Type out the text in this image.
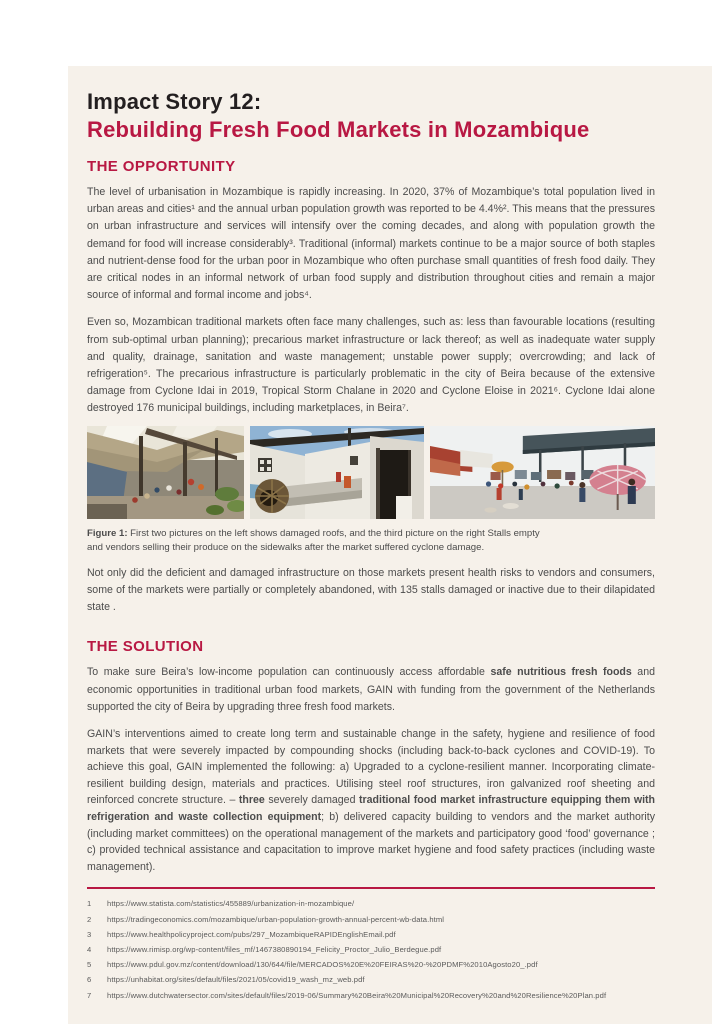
Impact Story 12:
Rebuilding Fresh Food Markets in Mozambique
THE OPPORTUNITY

The level of urbanisation in Mozambique is rapidly increasing. In 2020, 37% of Mozambique’s total population lived in urban areas and cities¹ and the annual urban population growth was reported to be 4.4%². This means that the pressures on urban infrastructure and services will intensify over the coming decades, and along with population growth the demand for food will increase considerably³. Traditional (informal) markets continue to be a major source of both staples and nutrient-dense food for the urban poor in Mozambique who often purchase small quantities of fresh food daily. They are critical nodes in an informal network of urban food supply and distribution throughout cities and remain a major source of informal and formal income and jobs⁴.

Even so, Mozambican traditional markets often face many challenges, such as: less than favourable locations (resulting from sub-optimal urban planning); precarious market infrastructure or lack thereof; as well as inadequate water supply and quality, drainage, sanitation and waste management; unstable power supply; overcrowding; and lack of refrigeration⁵. The precarious infrastructure is particularly problematic in the city of Beira because of the extensive damage from Cyclone Idai in 2019, Tropical Storm Chalane in 2020 and Cyclone Eloise in 2021⁶. Cyclone Idai alone destroyed 176 municipal buildings, including marketplaces, in Beira⁷.

Figure 1: First two pictures on the left shows damaged roofs, and the third picture on the right Stalls empty
and vendors selling their produce on the sidewalks after the market suffered cyclone damage.

Not only did the deficient and damaged infrastructure on those markets present health risks to vendors and consumers, some of the markets were partially or completely abandoned, with 135 stalls damaged or inactive due to their dilapidated state .

THE SOLUTION

To make sure Beira’s low-income population can continuously access affordable safe nutritious fresh foods and economic opportunities in traditional urban food markets, GAIN with funding from the government of the Netherlands supported the city of Beira by upgrading three fresh food markets.

GAIN’s interventions aimed to create long term and sustainable change in the safety, hygiene and resilience of food markets that were severely impacted by compounding shocks (including back-to-back cyclones and COVID-19). To achieve this goal, GAIN implemented the following: a) Upgraded to a cyclone-resilient manner. Incorporating climate-resilient building design, materials and practices. Utilising steel roof structures, iron galvanized roof sheeting and reinforced concrete structure. – three severely damaged traditional food market infrastructure equipping them with refrigeration and waste collection equipment; b) delivered capacity building to vendors and the market authority (including market committees) on the operational management of the markets and participatory good ‘food’ governance ; c) provided technical assistance and capacitation to improve market hygiene and food safety practices (including waste management).

1	https://www.statista.com/statistics/455889/urbanization-in-mozambique/
2	https://tradingeconomics.com/mozambique/urban-population-growth-annual-percent-wb-data.html
3	https://www.healthpolicyproject.com/pubs/297_MozambiqueRAPIDEnglishEmail.pdf
4	https://www.rimisp.org/wp-content/files_mf/1467380890194_Felicity_Proctor_Julio_Berdegue.pdf
5	https://www.pdul.gov.mz/content/download/130/644/file/MERCADOS%20E%20FEIRAS%20-%20PDMF%2010Agosto20_.pdf
6	https://unhabitat.org/sites/default/files/2021/05/covid19_wash_mz_web.pdf
7	https://www.dutchwatersector.com/sites/default/files/2019-06/Summary%20Beira%20Municipal%20Recovery%20and%20Resilience%20Plan.pdf
